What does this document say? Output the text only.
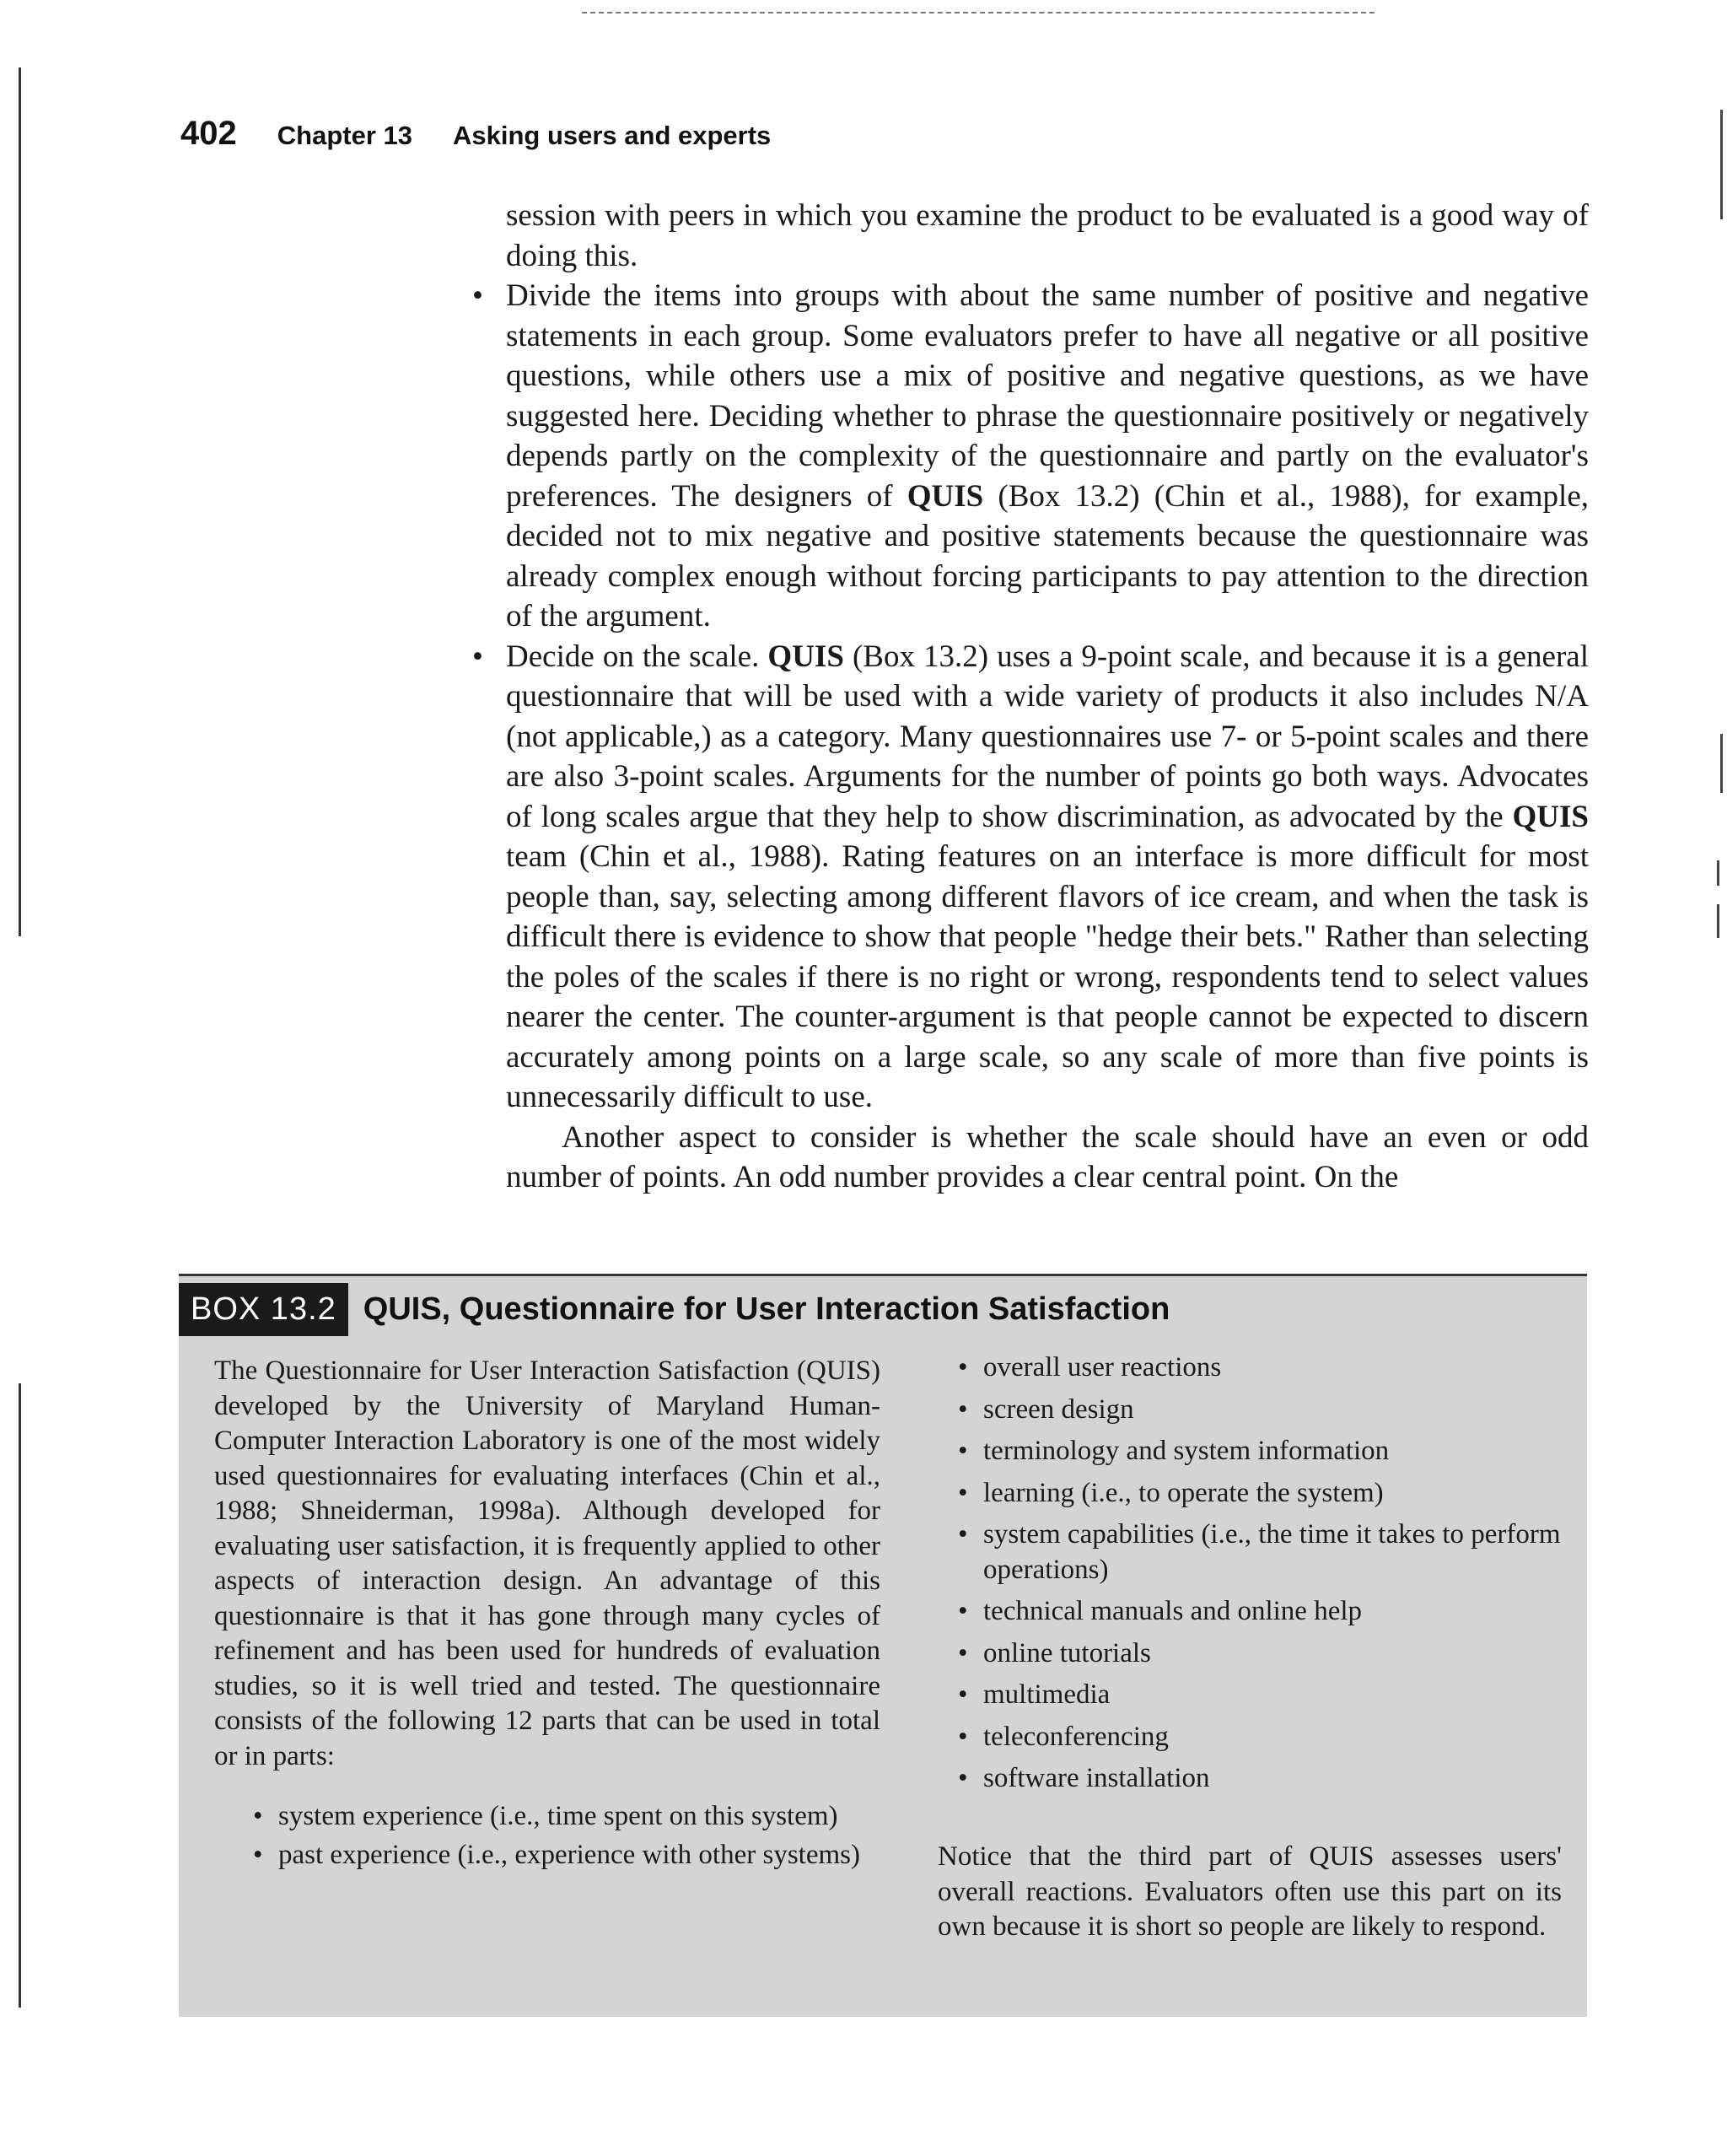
402 Chapter 13 Asking users and experts

session with peers in which you examine the product to be evaluated is a good way of doing this.

• Divide the items into groups with about the same number of positive and negative statements in each group. Some evaluators prefer to have all negative or all positive questions, while others use a mix of positive and negative questions, as we have suggested here. Deciding whether to phrase the questionnaire positively or negatively depends partly on the complexity of the questionnaire and partly on the evaluator's preferences. The designers of QUIS (Box 13.2) (Chin et al., 1988), for example, decided not to mix negative and positive statements because the questionnaire was already complex enough without forcing participants to pay attention to the direction of the argument.
• Decide on the scale. QUIS (Box 13.2) uses a 9-point scale, and because it is a general questionnaire that will be used with a wide variety of products it also includes N/A (not applicable,) as a category. Many questionnaires use 7- or 5-point scales and there are also 3-point scales. Arguments for the number of points go both ways. Advocates of long scales argue that they help to show discrimination, as advocated by the QUIS team (Chin et al., 1988). Rating features on an interface is more difficult for most people than, say, selecting among different flavors of ice cream, and when the task is difficult there is evidence to show that people "hedge their bets." Rather than selecting the poles of the scales if there is no right or wrong, respondents tend to select values nearer the center. The counter-argument is that people cannot be expected to discern accurately among points on a large scale, so any scale of more than five points is unnecessarily difficult to use.

Another aspect to consider is whether the scale should have an even or odd number of points. An odd number provides a clear central point. On the

BOX 13.2 QUIS, Questionnaire for User Interaction Satisfaction

The Questionnaire for User Interaction Satisfaction (QUIS) developed by the University of Maryland Human-Computer Interaction Laboratory is one of the most widely used questionnaires for evaluating interfaces (Chin et al., 1988; Shneiderman, 1998a). Although developed for evaluating user satisfaction, it is frequently applied to other aspects of interaction design. An advantage of this questionnaire is that it has gone through many cycles of refinement and has been used for hundreds of evaluation studies, so it is well tried and tested. The questionnaire consists of the following 12 parts that can be used in total or in parts:

• system experience (i.e., time spent on this system)
• past experience (i.e., experience with other systems)
• overall user reactions
• screen design
• terminology and system information
• learning (i.e., to operate the system)
• system capabilities (i.e., the time it takes to perform operations)
• technical manuals and online help
• online tutorials
• multimedia
• teleconferencing
• software installation
Notice that the third part of QUIS assesses users' overall reactions. Evaluators often use this part on its own because it is short so people are likely to respond.
